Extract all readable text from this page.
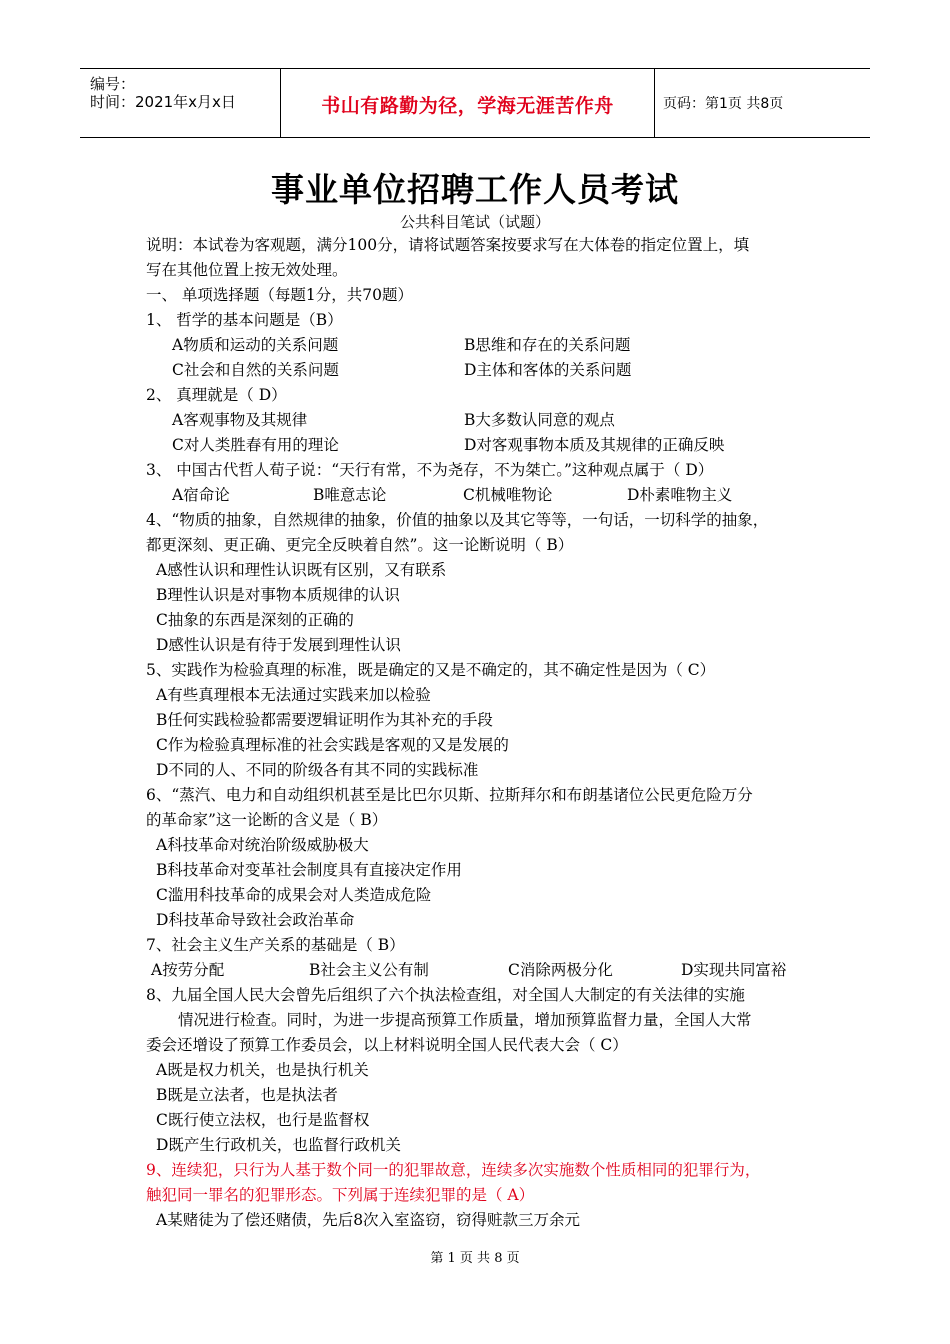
编号：
时间：2021年x月x日	书山有路勤为径，学海无涯苦作舟	页码：第1页 共8页
事业单位招聘工作人员考试
公共科目笔试（试题）
说明：本试卷为客观题，满分100分，请将试题答案按要求写在大体卷的指定位置上，填
写在其他位置上按无效处理。
一、 单项选择题（每题1分，共70题）
1、 哲学的基本问题是（B）
A物质和运动的关系问题	B思维和存在的关系问题
C社会和自然的关系问题	D主体和客体的关系问题
2、 真理就是（ D）
A客观事物及其规律	B大多数认同意的观点
C对人类胜春有用的理论	D对客观事物本质及其规律的正确反映
3、 中国古代哲人荀子说：“天行有常，不为尧存，不为桀亡。”这种观点属于（ D）
A宿命论	B唯意志论	C机械唯物论	D朴素唯物主义
4、“物质的抽象，自然规律的抽象，价值的抽象以及其它等等，一句话，一切科学的抽象，
都更深刻、更正确、更完全反映着自然”。这一论断说明（ B）
A感性认识和理性认识既有区别，又有联系
B理性认识是对事物本质规律的认识
C抽象的东西是深刻的正确的
D感性认识是有待于发展到理性认识
5、实践作为检验真理的标准，既是确定的又是不确定的，其不确定性是因为（ C）
A有些真理根本无法通过实践来加以检验
B任何实践检验都需要逻辑证明作为其补充的手段
C作为检验真理标准的社会实践是客观的又是发展的
D不同的人、不同的阶级各有其不同的实践标准
6、“蒸汽、电力和自动组织机甚至是比巴尔贝斯、拉斯拜尔和布朗基诸位公民更危险万分
的革命家”这一论断的含义是（ B）
A科技革命对统治阶级威胁极大
B科技革命对变革社会制度具有直接决定作用
C滥用科技革命的成果会对人类造成危险
D科技革命导致社会政治革命
7、社会主义生产关系的基础是（ B）
A按劳分配	B社会主义公有制	C消除两极分化	D实现共同富裕
8、九届全国人民大会曾先后组织了六个执法检查组，对全国人大制定的有关法律的实施
情况进行检查。同时，为进一步提高预算工作质量，增加预算监督力量，全国人大常
委会还增设了预算工作委员会，以上材料说明全国人民代表大会（ C）
A既是权力机关，也是执行机关
B既是立法者，也是执法者
C既行使立法权，也行是监督权
D既产生行政机关，也监督行政机关
9、连续犯，只行为人基于数个同一的犯罪故意，连续多次实施数个性质相同的犯罪行为，
触犯同一罪名的犯罪形态。下列属于连续犯罪的是（ A）
A某赌徒为了偿还赌债，先后8次入室盗窃，窃得赃款三万余元
第 1 页 共 8 页
